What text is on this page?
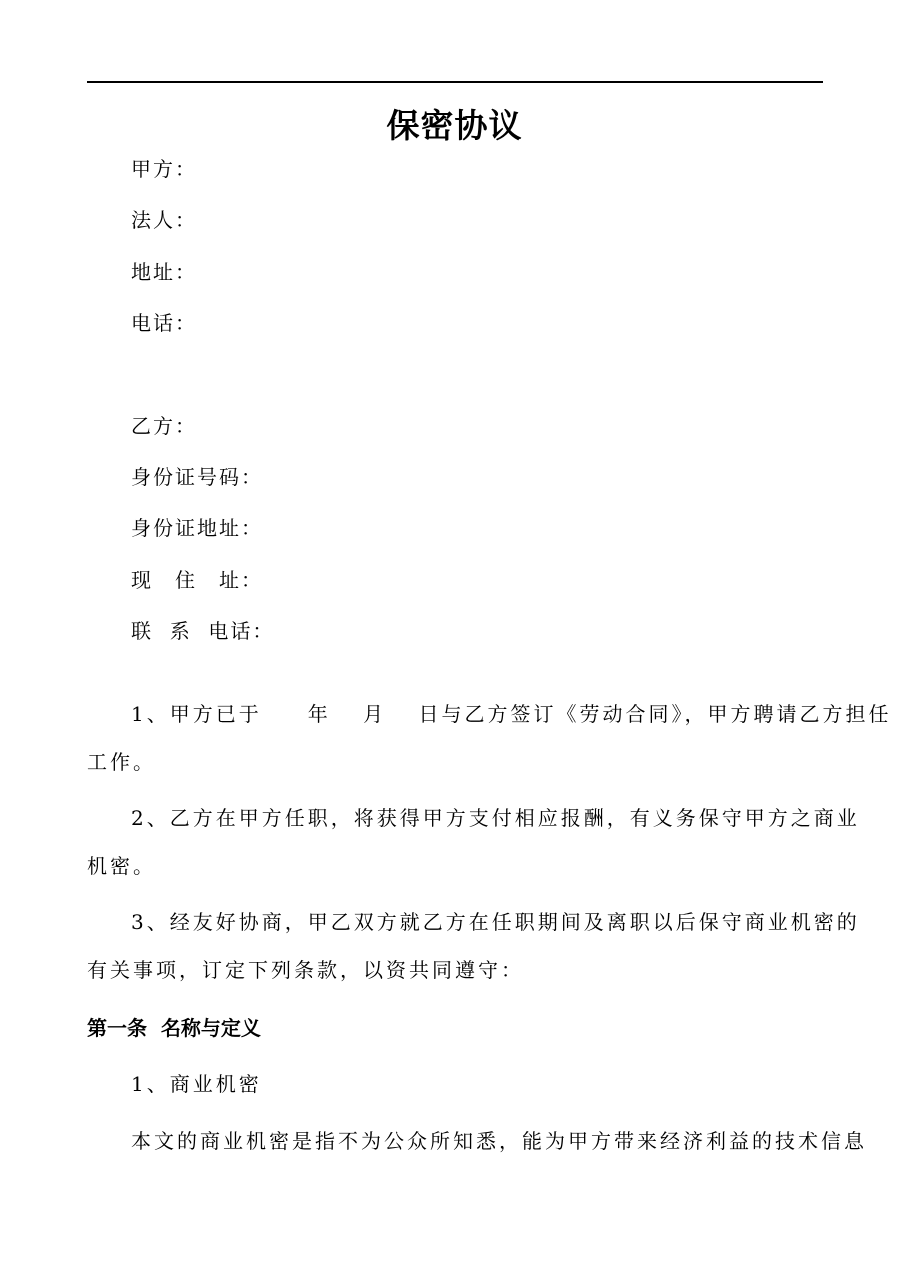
保密协议
甲方：
法人：
地址：
电话：
乙方：
身份证号码：
身份证地址：
现　住　址：
联  系  电话：
1、甲方已于　　年　 月　 日与乙方签订《劳动合同》，甲方聘请乙方担任
工作。
2、乙方在甲方任职，将获得甲方支付相应报酬，有义务保守甲方之商业
机密。
3、经友好协商，甲乙双方就乙方在任职期间及离职以后保守商业机密的
有关事项，订定下列条款，以资共同遵守：
第一条  名称与定义
1、商业机密
本文的商业机密是指不为公众所知悉，能为甲方带来经济利益的技术信息
